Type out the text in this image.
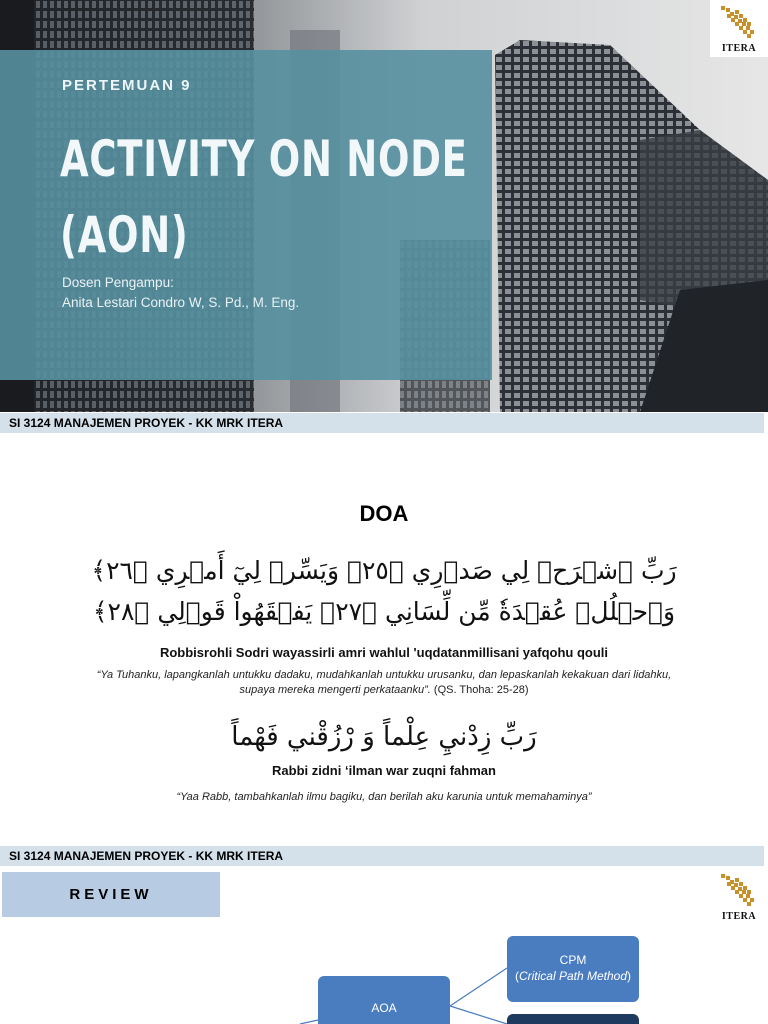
PERTEMUAN 9
ACTIVITY ON NODE
(AON)
Dosen Pengampu:
Anita Lestari Condro W, S. Pd., M. Eng.
ITERA
SI 3124 MANAJEMEN PROYEK - KK MRK ITERA
DOA
رَبِّ ٱشۡرَحۡ لِي صَدۡرِي ﴿٢٥﴾ وَيَسِّرۡ لِيٓ أَمۡرِي ﴿٢٦﴾
وَٱحۡلُلۡ عُقۡدَةٗ مِّن لِّسَانِي ﴿٢٧﴾ يَفۡقَهُواْ قَوۡلِي ﴿٢٨﴾
Robbisrohli Sodri wayassirli amri wahlul 'uqdatanmillisani yafqohu qouli
“Ya Tuhanku, lapangkanlah untukku dadaku, mudahkanlah untukku urusanku, dan lepaskanlah kekakuan dari lidahku, supaya mereka mengerti perkataanku”. (QS. Thoha: 25-28)
رَبِّ زِدْنيِ عِلْماً وَ رْزُقْني فَهْماً
Rabbi zidni ‘ilman war zuqni fahman
“Yaa Rabb, tambahkanlah ilmu bagiku, dan berilah aku karunia untuk memahaminya”
SI 3124 MANAJEMEN PROYEK - KK MRK ITERA
REVIEW
ITERA
CPM
(Critical Path Method)
AOA
